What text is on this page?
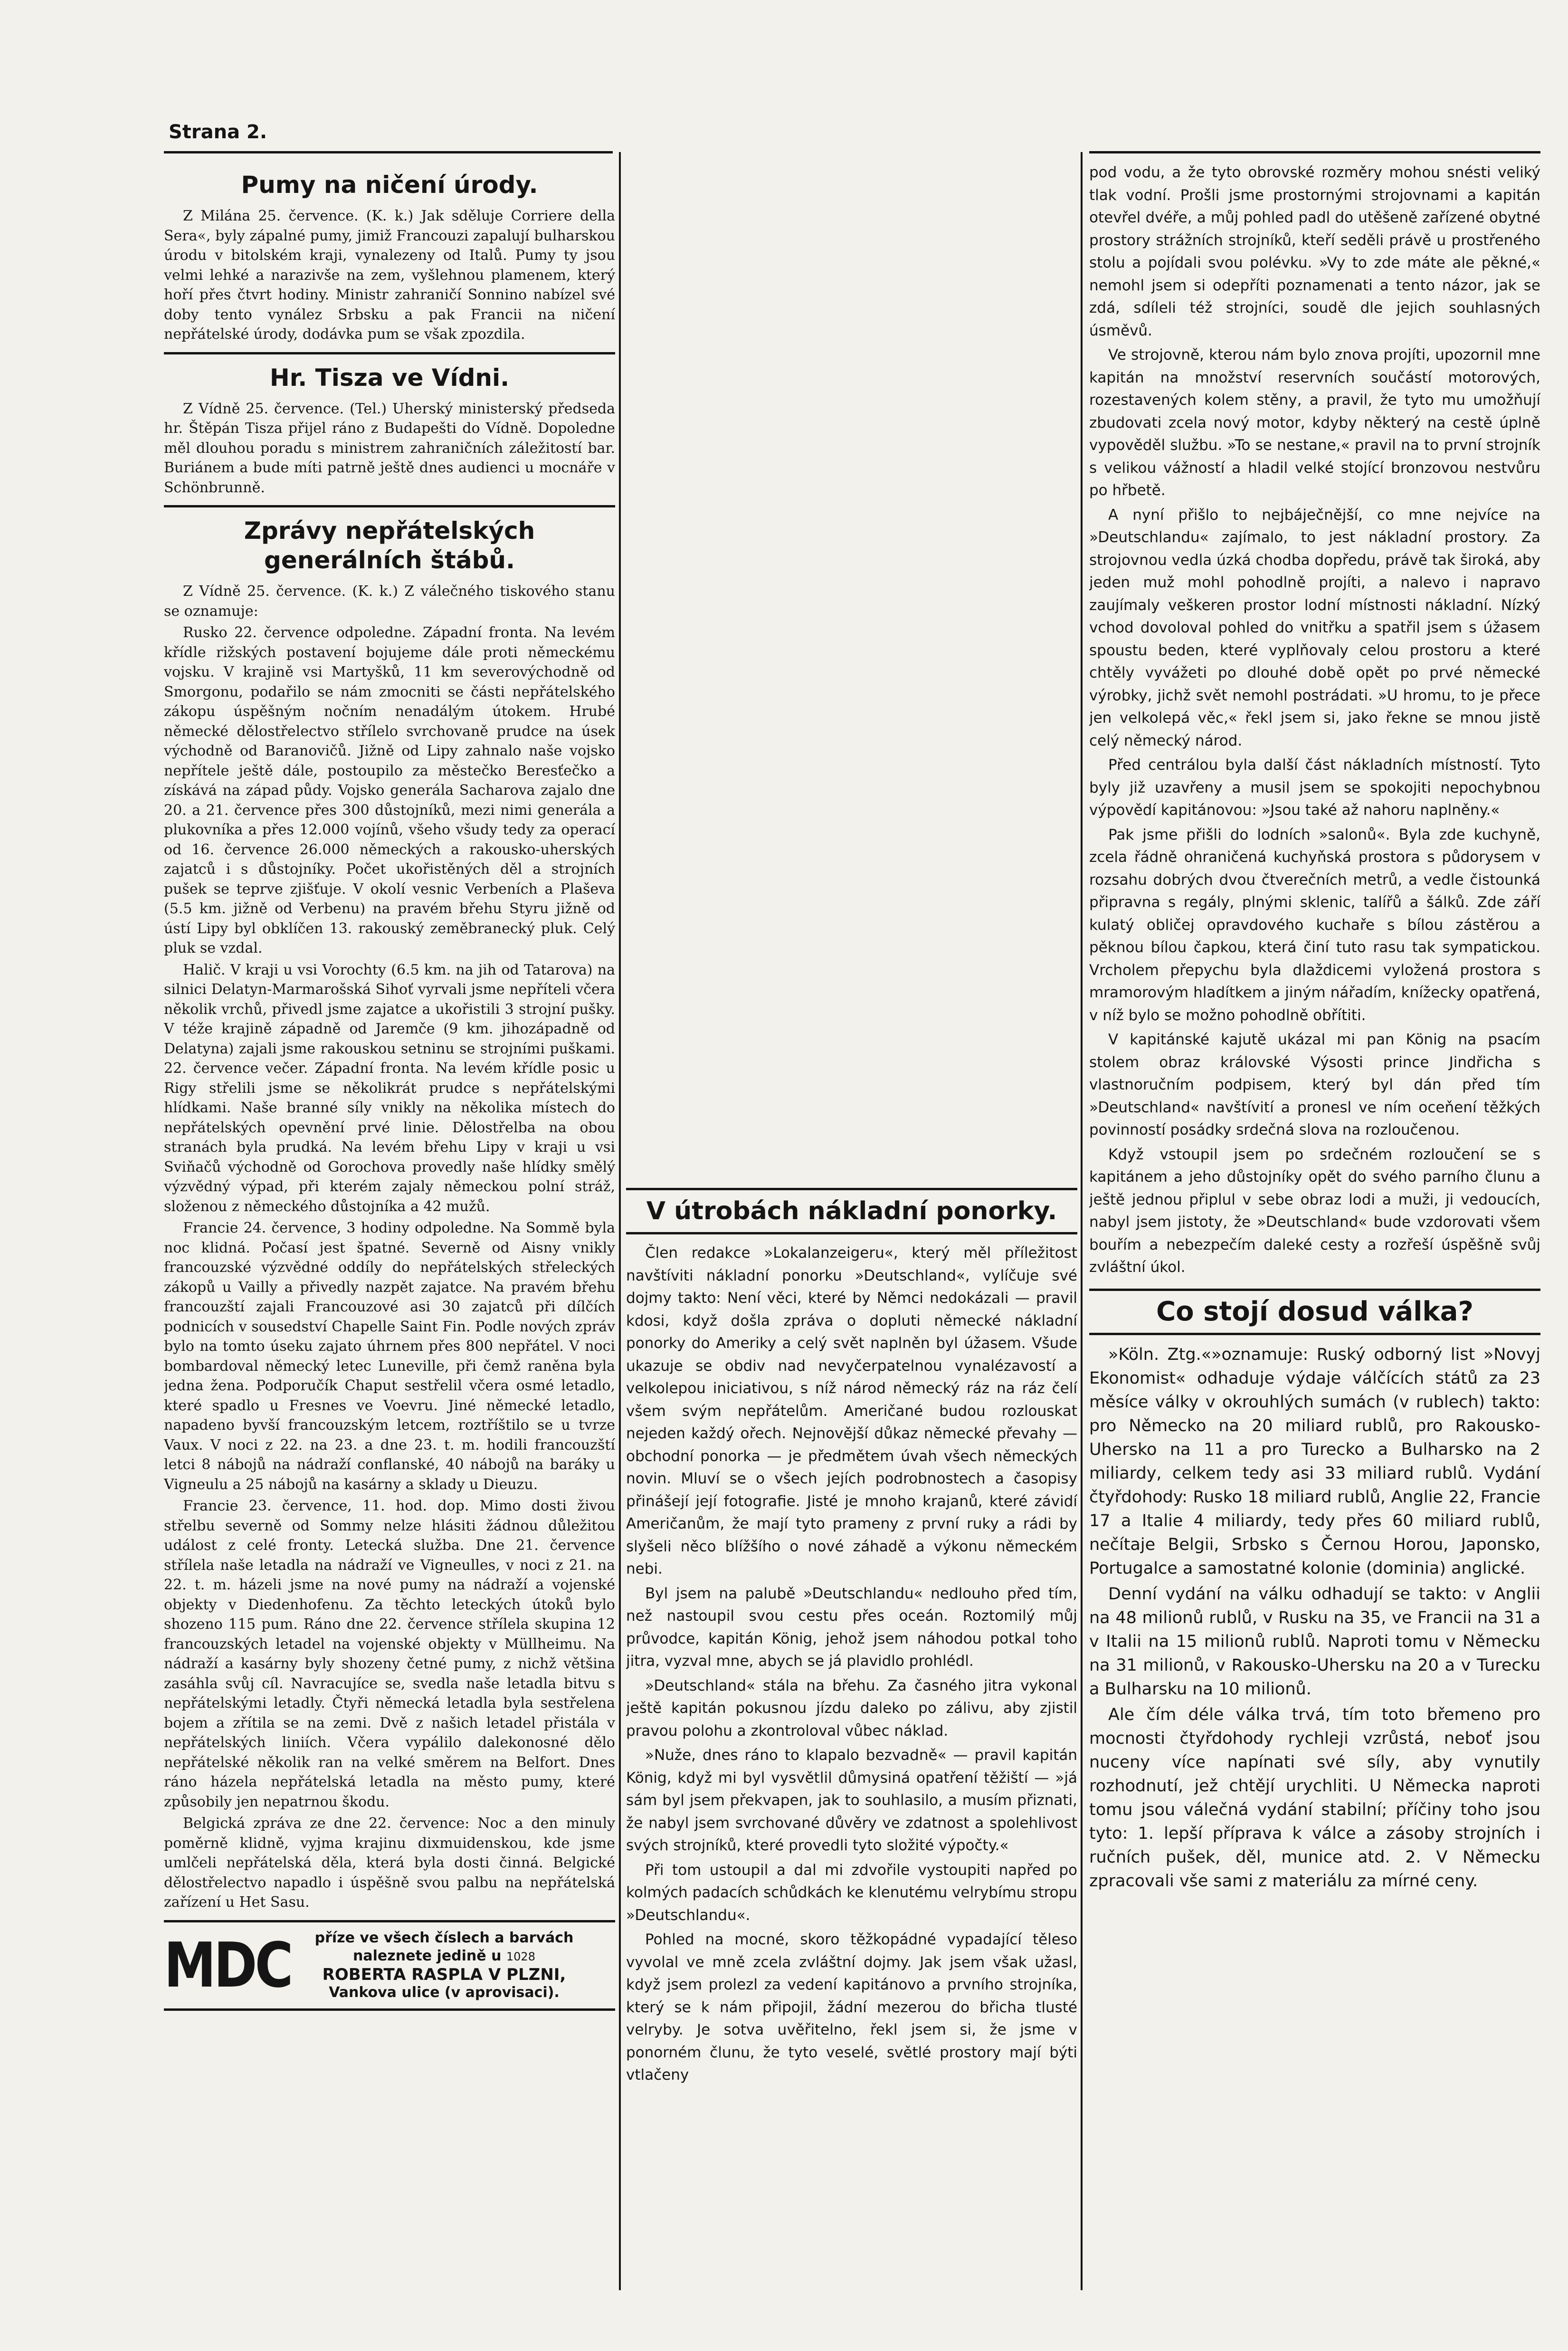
Strana 2.
Pumy na ničení úrody.

Z Milána 25. července. (K. k.) Jak sděluje Corriere della Sera«, byly zápalné pumy, jimiž Francouzi zapalují bulharskou úrodu v bitolském kraji, vynalezeny od Italů. Pumy ty jsou velmi lehké a narazivše na zem, vyšlehnou plamenem, který hoří přes čtvrt hodiny. Ministr zahraničí Sonnino nabízel své doby tento vynález Srbsku a pak Francii na ničení nepřátelské úrody, dodávka pum se však zpozdila.

Hr. Tisza ve Vídni.

Z Vídně 25. července. (Tel.) Uherský ministerský předseda hr. Štěpán Tisza přijel ráno z Budapešti do Vídně. Dopoledne měl dlouhou poradu s ministrem zahraničních záležitostí bar. Buriánem a bude míti patrně ještě dnes audienci u mocnáře v Schönbrunně.

Zprávy nepřátelských generálních štábů.

Z Vídně 25. července. (K. k.) Z válečného tiskového stanu se oznamuje:

Rusko 22. července odpoledne. Západní fronta. Na levém křídle rižských postavení bojujeme dále proti německému vojsku. V krajině vsi Martyšků, 11 km severovýchodně od Smorgonu, podařilo se nám zmocniti se části nepřátelského zákopu úspěšným nočním nenadálým útokem. Hrubé německé dělostřelectvo střílelo svrchovaně prudce na úsek východně od Baranovičů. Jižně od Lipy zahnalo naše vojsko nepřítele ještě dále, postoupilo za městečko Beresťečko a získává na západ půdy. Vojsko generála Sacharova zajalo dne 20. a 21. července přes 300 důstojníků, mezi nimi generála a plukovníka a přes 12.000 vojínů, všeho všudy tedy za operací od 16. července 26.000 německých a rakousko-uherských zajatců i s důstojníky. Počet ukořistěných děl a strojních pušek se teprve zjišťuje. V okolí vesnic Verbeních a Plaševa (5.5 km. jižně od Verbenu) na pravém břehu Styru jižně od ústí Lipy byl obklíčen 13. rakouský zeměbranecký pluk. Celý pluk se vzdal.

Halič. V kraji u vsi Vorochty (6.5 km. na jih od Tatarova) na silnici Delatyn-Marmarošská Sihoť vyrvali jsme nepříteli včera několik vrchů, přivedl jsme zajatce a ukořistili 3 strojní pušky. V téže krajině západně od Jaremče (9 km. jihozápadně od Delatyna) zajali jsme rakouskou setninu se strojními puškami. 22. července večer. Západní fronta. Na levém křídle posic u Rigy střelili jsme se několikrát prudce s nepřátelskými hlídkami. Naše branné síly vnikly na několika místech do nepřátelských opevnění prvé linie. Dělostřelba na obou stranách byla prudká. Na levém břehu Lipy v kraji u vsi Sviňačů východně od Gorochova provedly naše hlídky smělý výzvědný výpad, při kterém zajaly německou polní stráž, složenou z německého důstojníka a 42 mužů.

Francie 24. července, 3 hodiny odpoledne. Na Sommě byla noc klidná. Počasí jest špatné. Severně od Aisny vnikly francouzské výzvědné oddíly do nepřátelských střeleckých zákopů u Vailly a přivedly nazpět zajatce. Na pravém břehu francouzští zajali Francouzové asi 30 zajatců při dílčích podnicích v sousedství Chapelle Saint Fin. Podle nových zpráv bylo na tomto úseku zajato úhrnem přes 800 nepřátel. V noci bombardoval německý letec Luneville, při čemž raněna byla jedna žena. Podporučík Chaput sestřelil včera osmé letadlo, které spadlo u Fresnes ve Voevru. Jiné německé letadlo, napadeno byvší francouzským letcem, roztříštilo se u tvrze Vaux. V noci z 22. na 23. a dne 23. t. m. hodili francouzští letci 8 nábojů na nádraží conflanské, 40 nábojů na baráky u Vigneulu a 25 nábojů na kasárny a sklady u Dieuzu.

Francie 23. července, 11. hod. dop. Mimo dosti živou střelbu severně od Sommy nelze hlásiti žádnou důležitou událost z celé fronty. Letecká služba. Dne 21. července střílela naše letadla na nádraží ve Vigneulles, v noci z 21. na 22. t. m. házeli jsme na nové pumy na nádraží a vojenské objekty v Diedenhofenu. Za těchto leteckých útoků bylo shozeno 115 pum. Ráno dne 22. července střílela skupina 12 francouzských letadel na vojenské objekty v Müllheimu. Na nádraží a kasárny byly shozeny četné pumy, z nichž většina zasáhla svůj cíl. Navracujíce se, svedla naše letadla bitvu s nepřátelskými letadly. Čtyři německá letadla byla sestřelena bojem a zřítila se na zemi. Dvě z našich letadel přistála v nepřátelských liniích. Včera vypálilo dalekonosné dělo nepřátelské několik ran na velké směrem na Belfort. Dnes ráno házela nepřátelská letadla na město pumy, které způsobily jen nepatrnou škodu.

Belgická zpráva ze dne 22. července: Noc a den minuly poměrně klidně, vyjma krajinu dixmuidenskou, kde jsme umlčeli nepřátelská děla, která byla dosti činná. Belgické dělostřelectvo napadlo i úspěšně svou palbu na nepřátelská zařízení u Het Sasu.

MDC	příze ve všech číslech a barvách
naleznete jedině u 1028
ROBERTA RASPLA V PLZNI,
Vankova ulice (v aprovisaci).
V útrobách nákladní ponorky.

Člen redakce »Lokalanzeigeru«, který měl příležitost navštíviti nákladní ponorku »Deutschland«, vylíčuje své dojmy takto: Není věci, které by Němci nedokázali — pravil kdosi, když došla zpráva o dopluti německé nákladní ponorky do Ameriky a celý svět naplněn byl úžasem. Všude ukazuje se obdiv nad nevyčerpatelnou vynalézavostí a velkolepou iniciativou, s níž národ německý ráz na ráz čelí všem svým nepřátelům. Američané budou rozlouskat nejeden každý ořech. Nejnovější důkaz německé převahy — obchodní ponorka — je předmětem úvah všech německých novin. Mluví se o všech jejích podrobnostech a časopisy přinášejí její fotografie. Jisté je mnoho krajanů, které závidí Američanům, že mají tyto prameny z první ruky a rádi by slyšeli něco blížšího o nové záhadě a výkonu německém nebi.

Byl jsem na palubě »Deutschlandu« nedlouho před tím, než nastoupil svou cestu přes oceán. Roztomilý můj průvodce, kapitán König, jehož jsem náhodou potkal toho jitra, vyzval mne, abych se já plavidlo prohlédl.

»Deutschland« stála na břehu. Za časného jitra vykonal ještě kapitán pokusnou jízdu daleko po zálivu, aby zjistil pravou polohu a zkontroloval vůbec náklad.

»Nuže, dnes ráno to klapalo bezvadně« — pravil kapitán König, když mi byl vysvětlil důmysiná opatření těžiští — »já sám byl jsem překvapen, jak to souhlasilo, a musím přiznati, že nabyl jsem svrchované důvěry ve zdatnost a spolehlivost svých strojníků, které provedli tyto složité výpočty.«

Při tom ustoupil a dal mi zdvořile vystoupiti napřed po kolmých padacích schůdkách ke klenutému velrybímu stropu »Deutschlandu«.

Pohled na mocné, skoro těžkopádné vypadající těleso vyvolal ve mně zcela zvláštní dojmy. Jak jsem však užasl, když jsem prolezl za vedení kapitánovo a prvního strojníka, který se k nám připojil, žádní mezerou do břicha tlusté velryby. Je sotva uvěřitelno, řekl jsem si, že jsme v ponorném člunu, že tyto veselé, světlé prostory mají býti vtlačeny

pod vodu, a že tyto obrovské rozměry mohou snésti veliký tlak vodní. Prošli jsme prostornými strojovnami a kapitán otevřel dvéře, a můj pohled padl do utěšeně zařízené obytné prostory strážních strojníků, kteří seděli právě u prostřeného stolu a pojídali svou polévku. »Vy to zde máte ale pěkné,« nemohl jsem si odepříti poznamenati a tento názor, jak se zdá, sdíleli též strojníci, soudě dle jejich souhlasných úsměvů.

Ve strojovně, kterou nám bylo znova projíti, upozornil mne kapitán na množství reservních součástí motorových, rozestavených kolem stěny, a pravil, že tyto mu umožňují zbudovati zcela nový motor, kdyby některý na cestě úplně vypověděl službu. »To se nestane,« pravil na to první strojník s velikou vážností a hladil velké stojící bronzovou nestvůru po hřbetě.

A nyní přišlo to nejbáječnější, co mne nejvíce na »Deutschlandu« zajímalo, to jest nákladní prostory. Za strojovnou vedla úzká chodba dopředu, právě tak široká, aby jeden muž mohl pohodlně projíti, a nalevo i napravo zaujímaly veškeren prostor lodní místnosti nákladní. Nízký vchod dovoloval pohled do vnitřku a spatřil jsem s úžasem spoustu beden, které vyplňovaly celou prostoru a které chtěly vyvážeti po dlouhé době opět po prvé německé výrobky, jichž svět nemohl postrádati. »U hromu, to je přece jen velkolepá věc,« řekl jsem si, jako řekne se mnou jistě celý německý národ.

Před centrálou byla další část nákladních místností. Tyto byly již uzavřeny a musil jsem se spokojiti nepochybnou výpovědí kapitánovou: »Jsou také až nahoru naplněny.«

Pak jsme přišli do lodních »salonů«. Byla zde kuchyně, zcela řádně ohraničená kuchyňská prostora s půdorysem v rozsahu dobrých dvou čtverečních metrů, a vedle čistounká připravna s regály, plnými sklenic, talířů a šálků. Zde září kulatý obličej opravdového kuchaře s bílou zástěrou a pěknou bílou čapkou, která činí tuto rasu tak sympatickou. Vrcholem přepychu byla dlaždicemi vyložená prostora s mramorovým hladítkem a jiným nářadím, knížecky opatřená, v níž bylo se možno pohodlně obřítiti.

V kapitánské kajutě ukázal mi pan König na psacím stolem obraz královské Výsosti prince Jindřicha s vlastnoručním podpisem, který byl dán před tím »Deutschland« navštívití a pronesl ve ním oceňení těžkých povinností posádky srdečná slova na rozloučenou.

Když vstoupil jsem po srdečném rozloučení se s kapitánem a jeho důstojníky opět do svého parního člunu a ještě jednou připlul v sebe obraz lodi a muži, ji vedoucích, nabyl jsem jistoty, že »Deutschland« bude vzdorovati všem bouřím a nebezpečím daleké cesty a rozřeší úspěšně svůj zvláštní úkol.

Co stojí dosud válka?

»Köln. Ztg.«»oznamuje: Ruský odborný list »Novyj Ekonomist« odhaduje výdaje válčících států za 23 měsíce války v okrouhlých sumách (v rublech) takto: pro Německo na 20 miliard rublů, pro Rakousko-Uhersko na 11 a pro Turecko a Bulharsko na 2 miliardy, celkem tedy asi 33 miliard rublů. Vydání čtyřdohody: Rusko 18 miliard rublů, Anglie 22, Francie 17 a Italie 4 miliardy, tedy přes 60 miliard rublů, nečítaje Belgii, Srbsko s Černou Horou, Japonsko, Portugalce a samostatné kolonie (dominia) anglické.

Denní vydání na válku odhadují se takto: v Anglii na 48 milionů rublů, v Rusku na 35, ve Francii na 31 a v Italii na 15 milionů rublů. Naproti tomu v Německu na 31 milionů, v Rakousko-Uhersku na 20 a v Turecku a Bulharsku na 10 milionů.

Ale čím déle válka trvá, tím toto břemeno pro mocnosti čtyřdohody rychleji vzrůstá, neboť jsou nuceny více napínati své síly, aby vynutily rozhodnutí, jež chtějí urychliti. U Německa naproti tomu jsou válečná vydání stabilní; příčiny toho jsou tyto: 1. lepší příprava k válce a zásoby strojních i ručních pušek, děl, munice atd. 2. V Německu zpracovali vše sami z materiálu za mírné ceny.
